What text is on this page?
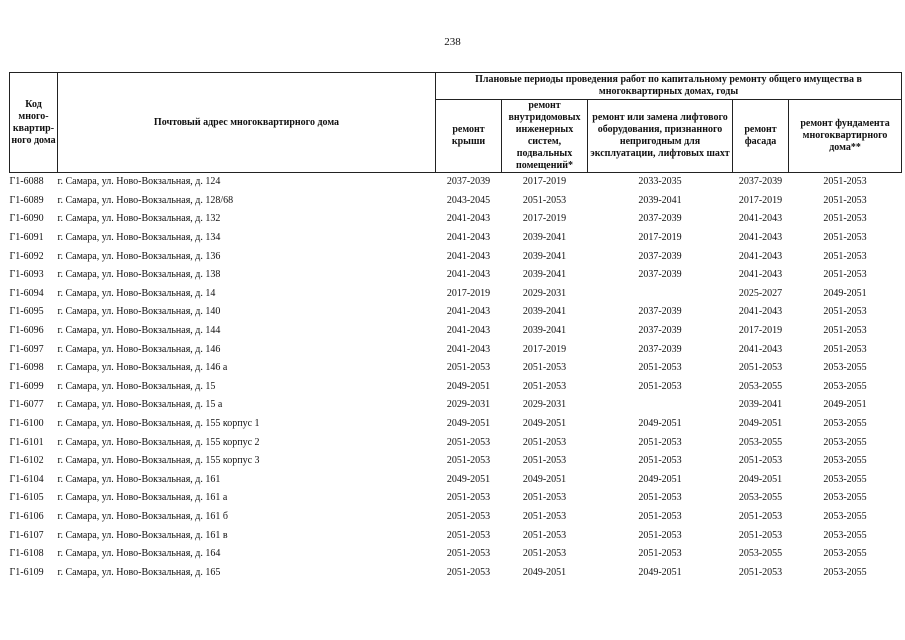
238
Код много-квартир-ного дома	Почтовый адрес многоквартирного дома	Плановые периоды проведения работ по капитальному ремонту общего имущества в многоквартирных домах, годы				
		ремонт крыши	ремонт внутридомовых инженерных систем, подвальных помещений*	ремонт или замена лифтового оборудования, признанного непригодным для эксплуатации, лифтовых шахт	ремонт фасада	ремонт фундамента многоквартирного дома**
Г1-6088	г. Самара, ул. Ново-Вокзальная, д. 124	2037-2039	2017-2019	2033-2035	2037-2039	2051-2053
Г1-6089	г. Самара, ул. Ново-Вокзальная, д. 128/68	2043-2045	2051-2053	2039-2041	2017-2019	2051-2053
Г1-6090	г. Самара, ул. Ново-Вокзальная, д. 132	2041-2043	2017-2019	2037-2039	2041-2043	2051-2053
Г1-6091	г. Самара, ул. Ново-Вокзальная, д. 134	2041-2043	2039-2041	2017-2019	2041-2043	2051-2053
Г1-6092	г. Самара, ул. Ново-Вокзальная, д. 136	2041-2043	2039-2041	2037-2039	2041-2043	2051-2053
Г1-6093	г. Самара, ул. Ново-Вокзальная, д. 138	2041-2043	2039-2041	2037-2039	2041-2043	2051-2053
Г1-6094	г. Самара, ул. Ново-Вокзальная, д. 14	2017-2019	2029-2031		2025-2027	2049-2051
Г1-6095	г. Самара, ул. Ново-Вокзальная, д. 140	2041-2043	2039-2041	2037-2039	2041-2043	2051-2053
Г1-6096	г. Самара, ул. Ново-Вокзальная, д. 144	2041-2043	2039-2041	2037-2039	2017-2019	2051-2053
Г1-6097	г. Самара, ул. Ново-Вокзальная, д. 146	2041-2043	2017-2019	2037-2039	2041-2043	2051-2053
Г1-6098	г. Самара, ул. Ново-Вокзальная, д. 146 а	2051-2053	2051-2053	2051-2053	2051-2053	2053-2055
Г1-6099	г. Самара, ул. Ново-Вокзальная, д. 15	2049-2051	2051-2053	2051-2053	2053-2055	2053-2055
Г1-6077	г. Самара, ул. Ново-Вокзальная, д. 15 а	2029-2031	2029-2031		2039-2041	2049-2051
Г1-6100	г. Самара, ул. Ново-Вокзальная, д. 155 корпус 1	2049-2051	2049-2051	2049-2051	2049-2051	2053-2055
Г1-6101	г. Самара, ул. Ново-Вокзальная, д. 155 корпус 2	2051-2053	2051-2053	2051-2053	2053-2055	2053-2055
Г1-6102	г. Самара, ул. Ново-Вокзальная, д. 155 корпус 3	2051-2053	2051-2053	2051-2053	2051-2053	2053-2055
Г1-6104	г. Самара, ул. Ново-Вокзальная, д. 161	2049-2051	2049-2051	2049-2051	2049-2051	2053-2055
Г1-6105	г. Самара, ул. Ново-Вокзальная, д. 161 а	2051-2053	2051-2053	2051-2053	2053-2055	2053-2055
Г1-6106	г. Самара, ул. Ново-Вокзальная, д. 161 б	2051-2053	2051-2053	2051-2053	2051-2053	2053-2055
Г1-6107	г. Самара, ул. Ново-Вокзальная, д. 161 в	2051-2053	2051-2053	2051-2053	2051-2053	2053-2055
Г1-6108	г. Самара, ул. Ново-Вокзальная, д. 164	2051-2053	2051-2053	2051-2053	2053-2055	2053-2055
Г1-6109	г. Самара, ул. Ново-Вокзальная, д. 165	2051-2053	2049-2051	2049-2051	2051-2053	2053-2055
